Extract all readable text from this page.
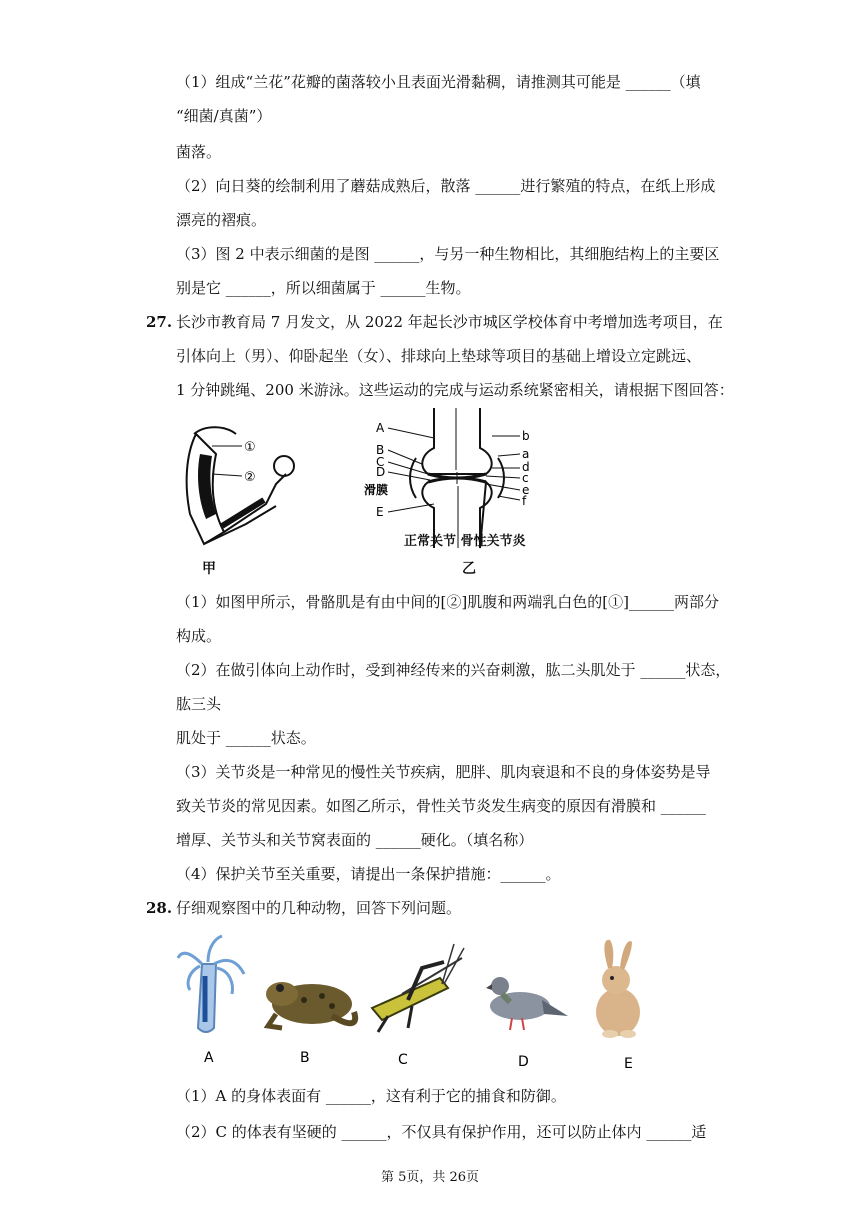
（1）组成“兰花”花瓣的菌落较小且表面光滑黏稠，请推测其可能是 ______（填
“细菌/真菌”）
菌落。
（2）向日葵的绘制利用了蘑菇成熟后，散落 ______进行繁殖的特点，在纸上形成
漂亮的褶痕。
（3）图 2 中表示细菌的是图 ______，与另一种生物相比，其细胞结构上的主要区
别是它 ______，所以细菌属于 ______生物。
27. 长沙市教育局 7 月发文，从 2022 年起长沙市城区学校体育中考增加选考项目，在
引体向上（男）、仰卧起坐（女）、排球向上垫球等项目的基础上增设立定跳远、
1 分钟跳绳、200 米游泳。这些运动的完成与运动系统紧密相关，请根据下图回答：
①
②
甲
A
B
C
D
滑膜
E
b
a
d
c
e
f
正常关节 骨性关节炎
乙
（1）如图甲所示，骨骼肌是有由中间的[②]肌腹和两端乳白色的[①]______两部分
构成。
（2）在做引体向上动作时，受到神经传来的兴奋刺激，肱二头肌处于 ______状态，
肱三头
肌处于 ______状态。
（3）关节炎是一种常见的慢性关节疾病，肥胖、肌肉衰退和不良的身体姿势是导
致关节炎的常见因素。如图乙所示，骨性关节炎发生病变的原因有滑膜和 ______
增厚、关节头和关节窝表面的 ______硬化。（填名称）
（4）保护关节至关重要，请提出一条保护措施：______。
28. 仔细观察图中的几种动物，回答下列问题。
A	B	C	D	E
（1）A 的身体表面有 ______，这有利于它的捕食和防御。
（2）C 的体表有坚硬的 ______，不仅具有保护作用，还可以防止体内 ______适
第 5页，共 26页
